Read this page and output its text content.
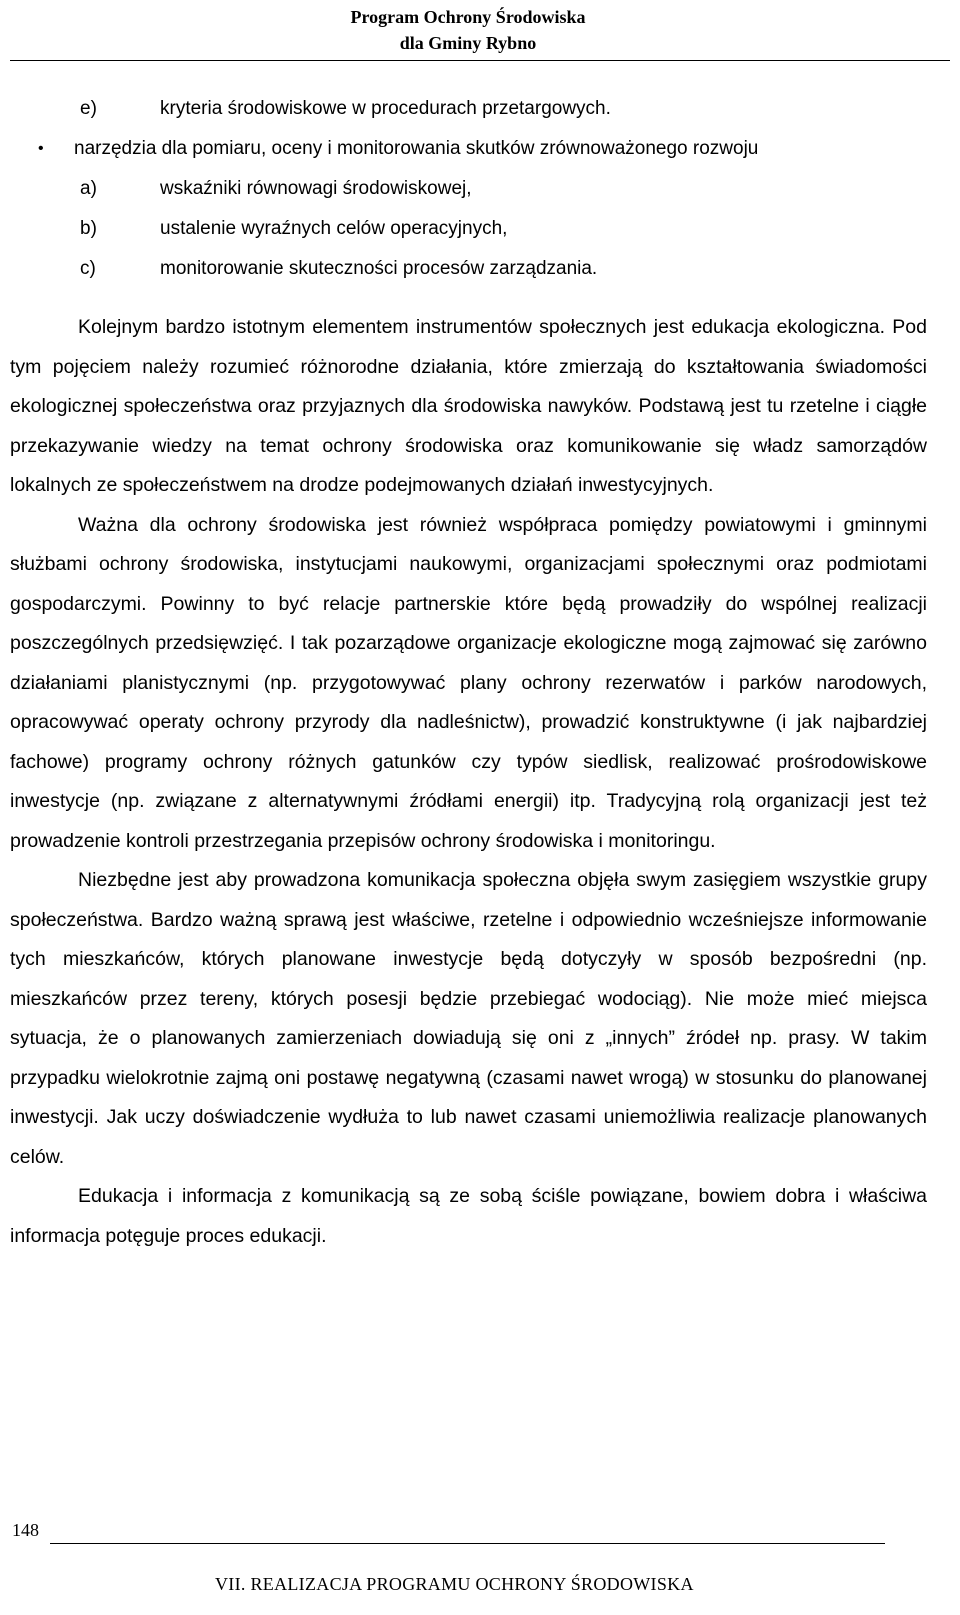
Program Ochrony Środowiska
dla Gminy Rybno
e)	kryteria środowiskowe w procedurach przetargowych.
• narzędzia dla pomiaru, oceny i monitorowania skutków zrównoważonego rozwoju
a)	wskaźniki równowagi środowiskowej,
b)	ustalenie wyraźnych celów operacyjnych,
c)	monitorowanie skuteczności procesów zarządzania.

Kolejnym bardzo istotnym elementem instrumentów społecznych jest edukacja ekologiczna. Pod tym pojęciem należy rozumieć różnorodne działania, które zmierzają do kształtowania świadomości ekologicznej społeczeństwa oraz przyjaznych dla środowiska nawyków. Podstawą jest tu rzetelne i ciągłe przekazywanie wiedzy na temat ochrony środowiska oraz komunikowanie się władz samorządów lokalnych ze społeczeństwem na drodze podejmowanych działań inwestycyjnych.

Ważna dla ochrony środowiska jest również współpraca pomiędzy powiatowymi i gminnymi służbami ochrony środowiska, instytucjami naukowymi, organizacjami społecznymi oraz podmiotami gospodarczymi. Powinny to być relacje partnerskie które będą prowadziły do wspólnej realizacji poszczególnych przedsięwzięć. I tak pozarządowe organizacje ekologiczne mogą zajmować się zarówno działaniami planistycznymi (np. przygotowywać plany ochrony rezerwatów i parków narodowych, opracowywać operaty ochrony przyrody dla nadleśnictw), prowadzić konstruktywne (i jak najbardziej fachowe) programy ochrony różnych gatunków czy typów siedlisk, realizować prośrodowiskowe inwestycje (np. związane z alternatywnymi źródłami energii) itp. Tradycyjną rolą organizacji jest też prowadzenie kontroli przestrzegania przepisów ochrony środowiska i monitoringu.

Niezbędne jest aby prowadzona komunikacja społeczna objęła swym zasięgiem wszystkie grupy społeczeństwa. Bardzo ważną sprawą jest właściwe, rzetelne i odpowiednio wcześniejsze informowanie tych mieszkańców, których planowane inwestycje będą dotyczyły w sposób bezpośredni (np. mieszkańców przez tereny, których posesji będzie przebiegać wodociąg). Nie może mieć miejsca sytuacja, że o planowanych zamierzeniach dowiadują się oni z „innych” źródeł np. prasy. W takim przypadku wielokrotnie zajmą oni postawę negatywną (czasami nawet wrogą) w stosunku do planowanej inwestycji. Jak uczy doświadczenie wydłuża to lub nawet czasami uniemożliwia realizacje planowanych celów.

Edukacja i informacja z komunikacją są ze sobą ściśle powiązane, bowiem dobra i właściwa informacja potęguje proces edukacji.

148
VII. REALIZACJA PROGRAMU OCHRONY ŚRODOWISKA
